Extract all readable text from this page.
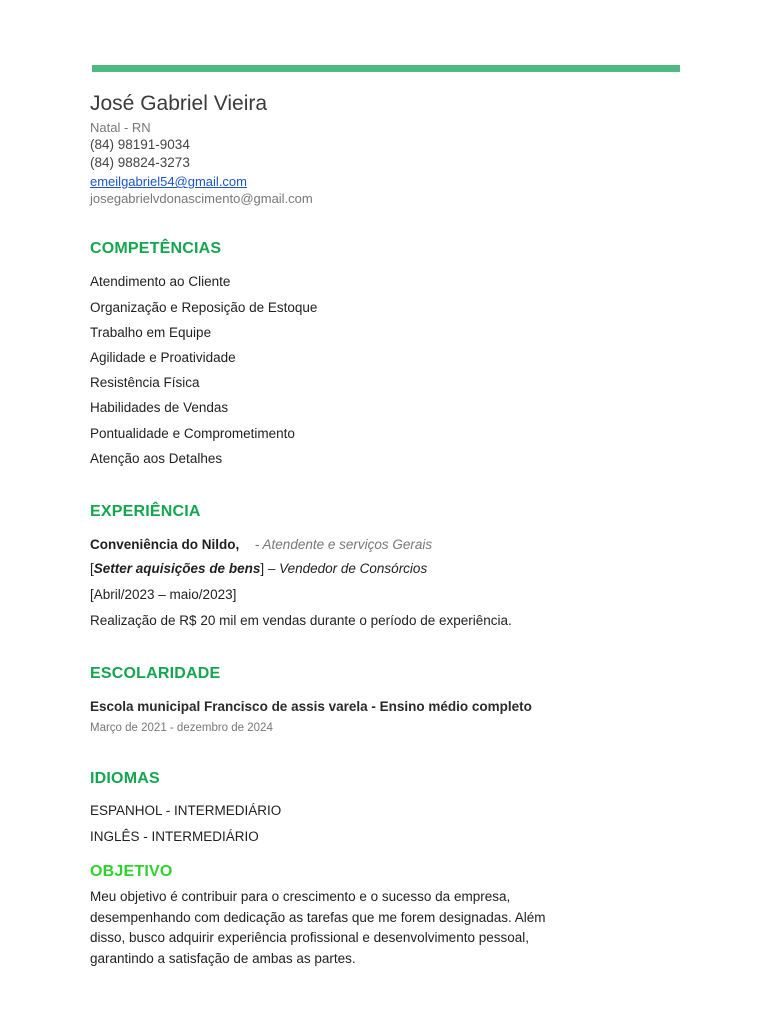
José Gabriel Vieira
Natal - RN
(84) 98191-9034
(84) 98824-3273
emeilgabriel54@gmail.com
josegabrielvdonascimento@gmail.com
COMPETÊNCIAS
Atendimento ao Cliente
Organização e Reposição de Estoque
Trabalho em Equipe
Agilidade e Proatividade
Resistência Física
Habilidades de Vendas
Pontualidade e Comprometimento
Atenção aos Detalhes
EXPERIÊNCIA
Conveniência do Nildo, - Atendente e serviços Gerais
[Setter aquisições de bens] – Vendedor de Consórcios
[Abril/2023 – maio/2023]
Realização de R$ 20 mil em vendas durante o período de experiência.
ESCOLARIDADE
Escola municipal Francisco de assis varela - Ensino médio completo
Março de 2021 - dezembro de 2024
IDIOMAS
ESPANHOL - INTERMEDIÁRIO
INGLÊS - INTERMEDIÁRIO
OBJETIVO
Meu objetivo é contribuir para o crescimento e o sucesso da empresa, desempenhando com dedicação as tarefas que me forem designadas. Além disso, busco adquirir experiência profissional e desenvolvimento pessoal, garantindo a satisfação de ambas as partes.
